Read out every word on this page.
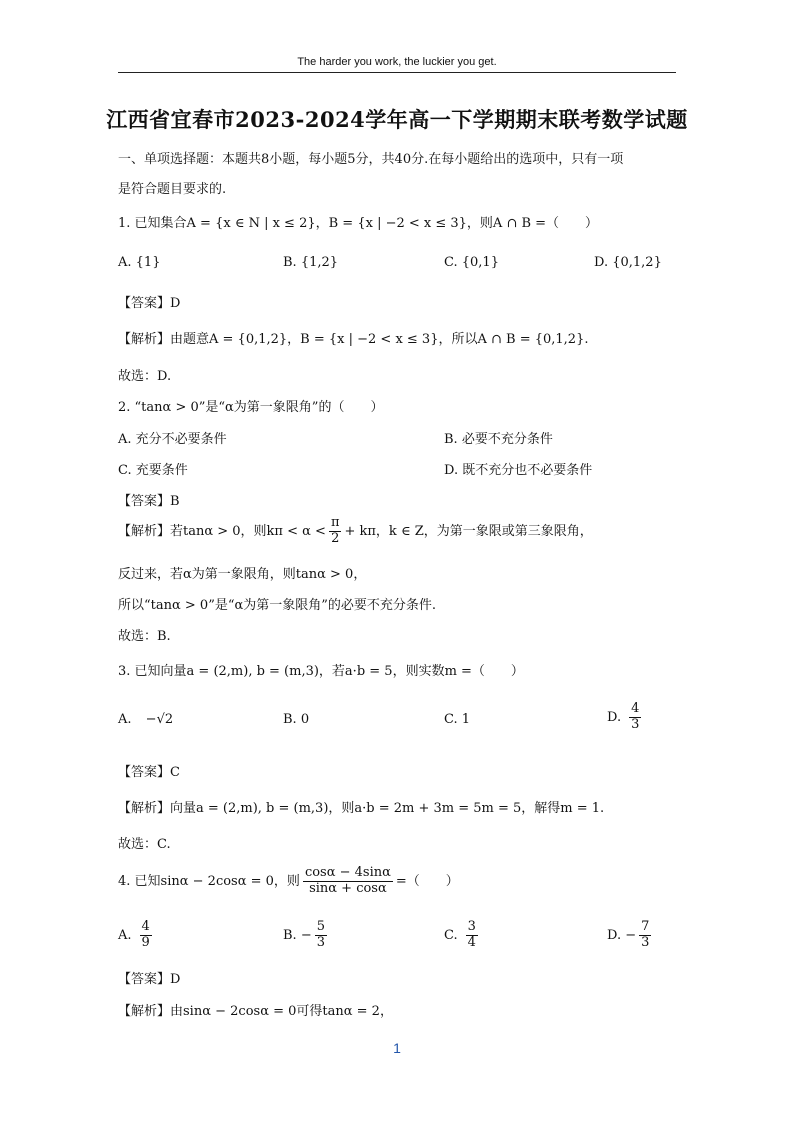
The harder you work, the luckier you get.
江西省宜春市2023-2024学年高一下学期期末联考数学试题
一、单项选择题：本题共8小题，每小题5分，共40分.在每小题给出的选项中，只有一项
是符合题目要求的.
1. 已知集合A = {x ∈ N | x ≤ 2}，B = {x | −2 < x ≤ 3}，则A ∩ B =（　　）
A. {1}	B. {1,2}	C. {0,1}	D. {0,1,2}
【答案】D
【解析】由题意A = {0,1,2}，B = {x | −2 < x ≤ 3}，所以A ∩ B = {0,1,2}.
故选：D.
2. “tanα > 0”是“α为第一象限角”的（　　）
A. 充分不必要条件	B. 必要不充分条件
C. 充要条件	D. 既不充分也不必要条件
【答案】B
【解析】若tanα > 0，则$k\pi < \alpha < \frac{\pi}{2} + k\pi$，k ∈ Z，为第一象限或第三象限角，
反过来，若α为第一象限角，则tanα > 0，
所以“tanα > 0”是“α为第一象限角”的必要不充分条件.
故选：B.
3. 已知向量a = (2,m), b = (m,3)，若a·b = 5，则实数m =（　　）
A. −√2	B. 0	C. 1	D. $\frac{4}{3}$
【答案】C
【解析】向量a = (2,m), b = (m,3)，则a·b = 2m + 3m = 5m = 5，解得m = 1.
故选：C.
4. 已知sinα − 2cosα = 0，则 $\frac{\cos\alpha - 4\sin\alpha}{\sin\alpha + \cos\alpha}$ =（　　）
A. $\frac{4}{9}$	B. − $\frac{5}{3}$	C. $\frac{3}{4}$	D. − $\frac{7}{3}$
【答案】D
【解析】由sinα − 2cosα = 0可得tanα = 2，
1
